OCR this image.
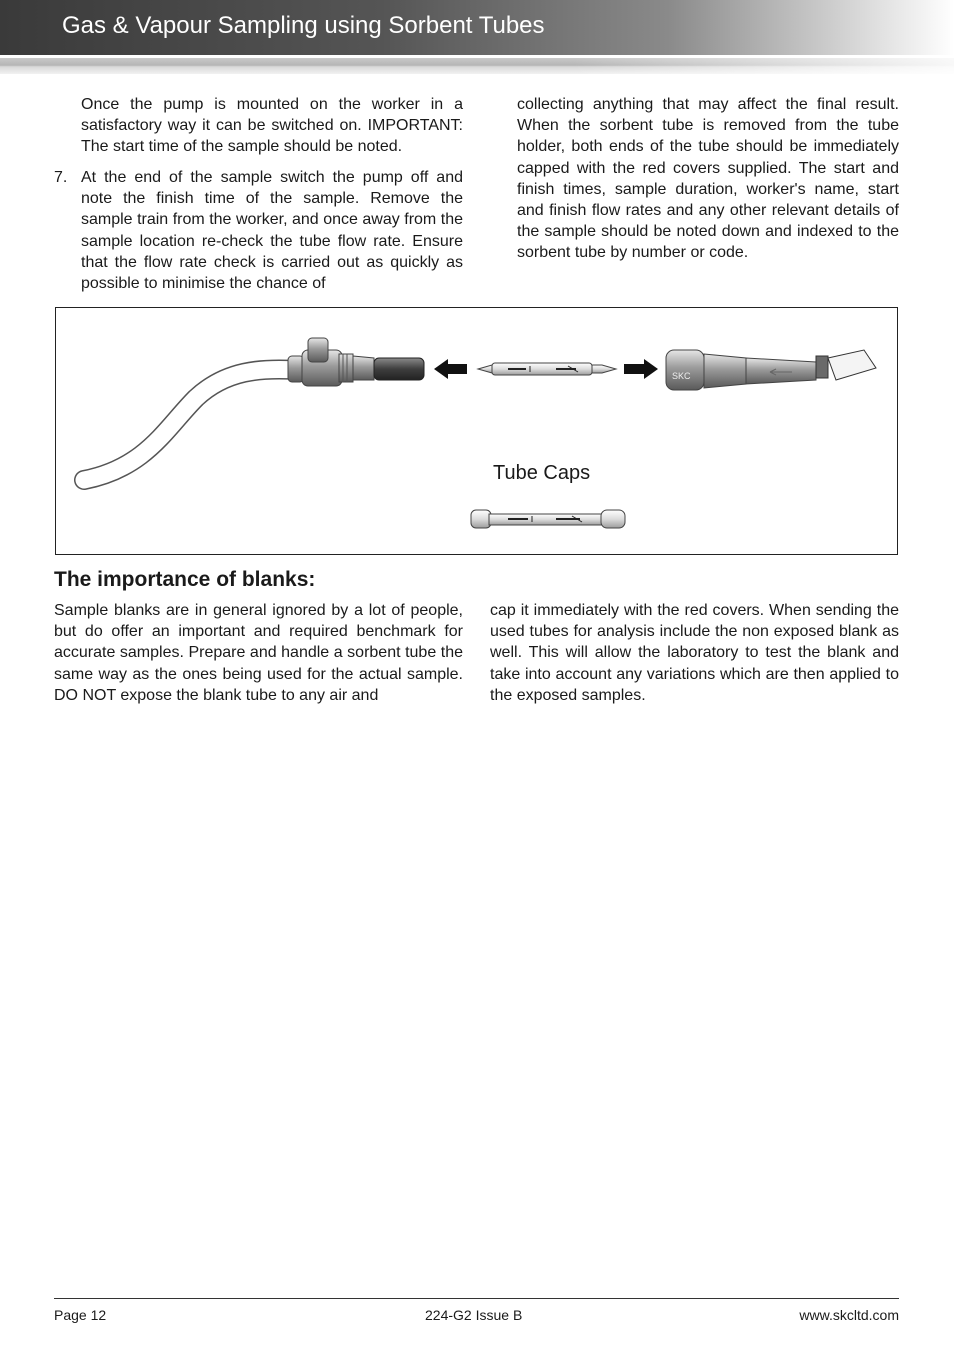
Gas & Vapour Sampling using Sorbent Tubes

Once the pump is mounted on the worker in a satisfactory way it can be switched on. IMPORTANT: The start time of the sample should be noted.

7. At the end of the sample switch the pump off and note the finish time of the sample. Remove the sample train from the worker, and once away from the sample location re-check the tube flow rate. Ensure that the flow rate check is carried out as quickly as possible to minimise the chance of

collecting anything that may affect the final result. When the sorbent tube is removed from the tube holder, both ends of the tube should be immediately capped with the red covers supplied. The start and finish times, sample duration, worker's name, start and finish flow rates and any other relevant details of the sample should be noted down and indexed to the sorbent tube by number or code.

SKC
Tube Caps
The importance of blanks:

Sample blanks are in general ignored by a lot of people, but do offer an important and required benchmark for accurate samples. Prepare and handle a sorbent tube the same way as the ones being used for the actual sample. DO NOT expose the blank tube to any air and

cap it immediately with the red covers. When sending the used tubes for analysis include the non exposed blank as well. This will allow the laboratory to test the blank and take into account any variations which are then applied to the exposed samples.

Page 12	224-G2 Issue B	www.skcltd.com
